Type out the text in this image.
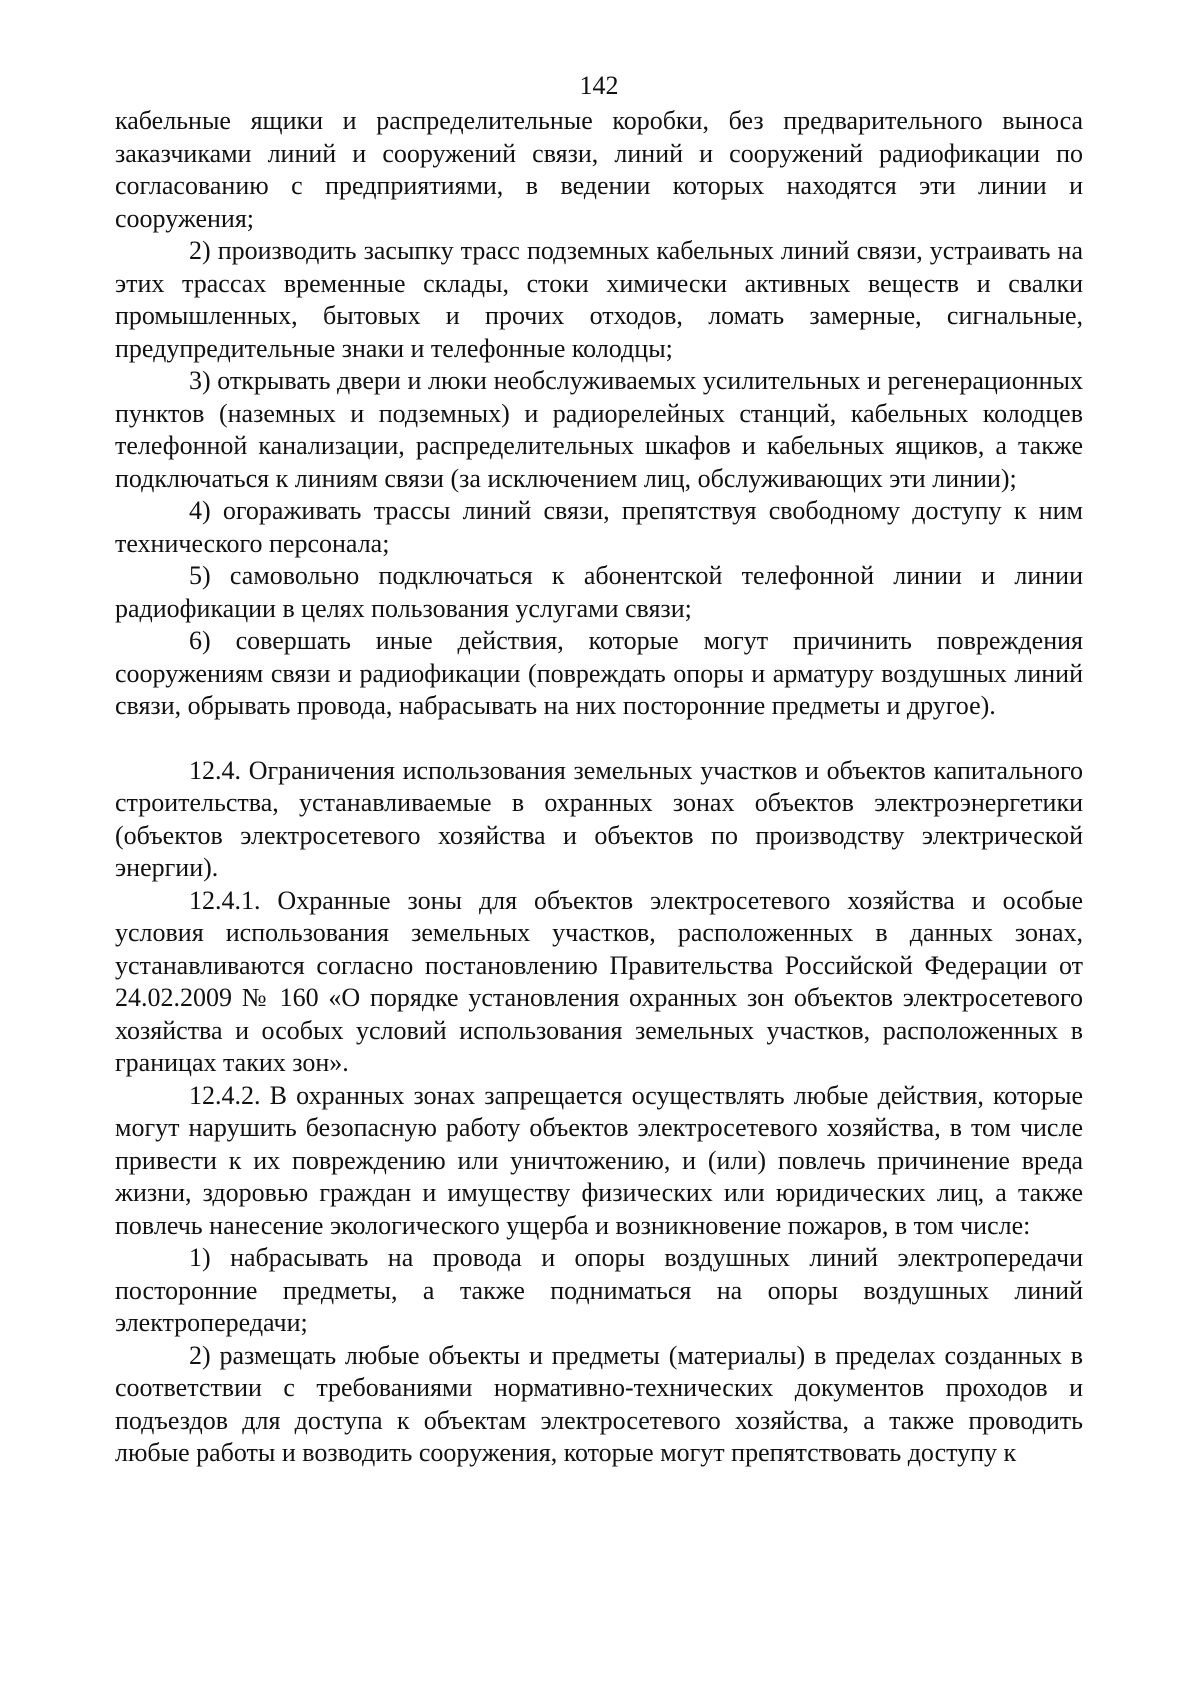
142

кабельные ящики и распределительные коробки, без предварительного выноса заказчиками линий и сооружений связи, линий и сооружений радиофикации по согласованию с предприятиями, в ведении которых находятся эти линии и сооружения;

2) производить засыпку трасс подземных кабельных линий связи, устраивать на этих трассах временные склады, стоки химически активных веществ и свалки промышленных, бытовых и прочих отходов, ломать замерные, сигнальные, предупредительные знаки и телефонные колодцы;

3) открывать двери и люки необслуживаемых усилительных и регенерационных пунктов (наземных и подземных) и радиорелейных станций, кабельных колодцев телефонной канализации, распределительных шкафов и кабельных ящиков, а также подключаться к линиям связи (за исключением лиц, обслуживающих эти линии);

4) огораживать трассы линий связи, препятствуя свободному доступу к ним технического персонала;

5) самовольно подключаться к абонентской телефонной линии и линии радиофикации в целях пользования услугами связи;

6) совершать иные действия, которые могут причинить повреждения сооружениям связи и радиофикации (повреждать опоры и арматуру воздушных линий связи, обрывать провода, набрасывать на них посторонние предметы и другое).

12.4. Ограничения использования земельных участков и объектов капитального строительства, устанавливаемые в охранных зонах объектов электроэнергетики (объектов электросетевого хозяйства и объектов по производству электрической энергии).

12.4.1. Охранные зоны для объектов электросетевого хозяйства и особые условия использования земельных участков, расположенных в данных зонах, устанавливаются согласно постановлению Правительства Российской Федерации от 24.02.2009 № 160 «О порядке установления охранных зон объектов электросетевого хозяйства и особых условий использования земельных участков, расположенных в границах таких зон».

12.4.2. В охранных зонах запрещается осуществлять любые действия, которые могут нарушить безопасную работу объектов электросетевого хозяйства, в том числе привести к их повреждению или уничтожению, и (или) повлечь причинение вреда жизни, здоровью граждан и имуществу физических или юридических лиц, а также повлечь нанесение экологического ущерба и возникновение пожаров, в том числе:

1) набрасывать на провода и опоры воздушных линий электропередачи посторонние предметы, а также подниматься на опоры воздушных линий электропередачи;

2) размещать любые объекты и предметы (материалы) в пределах созданных в соответствии с требованиями нормативно-технических документов проходов и подъездов для доступа к объектам электросетевого хозяйства, а также проводить любые работы и возводить сооружения, которые могут препятствовать доступу к
